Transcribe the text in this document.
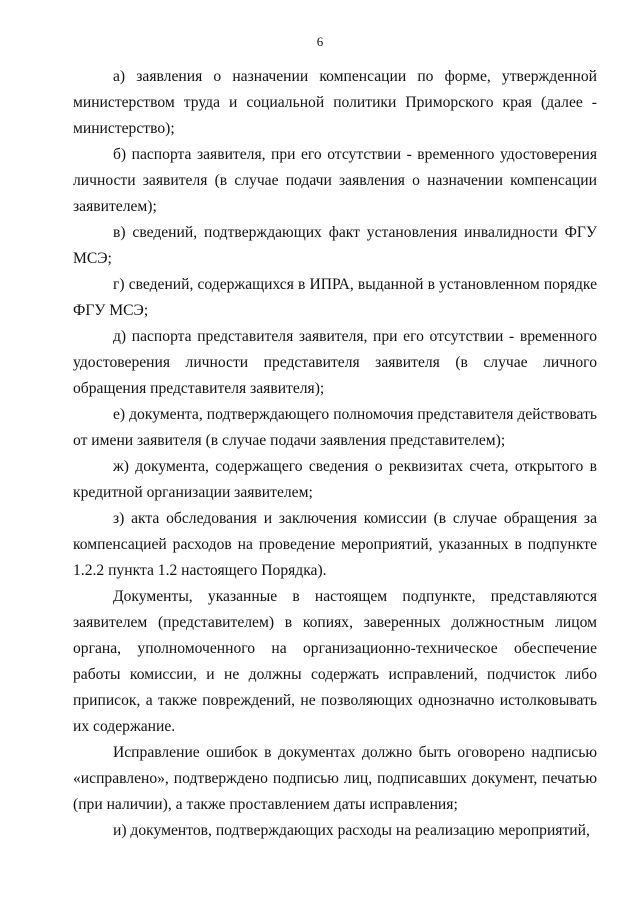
6

а) заявления о назначении компенсации по форме, утвержденной министерством труда и социальной политики Приморского края (далее - министерство);

б) паспорта заявителя, при его отсутствии - временного удостоверения личности заявителя (в случае подачи заявления о назначении компенсации заявителем);

в) сведений, подтверждающих факт установления инвалидности ФГУ МСЭ;

г) сведений, содержащихся в ИПРА, выданной в установленном порядке ФГУ МСЭ;

д) паспорта представителя заявителя, при его отсутствии - временного удостоверения личности представителя заявителя (в случае личного обращения представителя заявителя);

е) документа, подтверждающего полномочия представителя действовать от имени заявителя (в случае подачи заявления представителем);

ж) документа, содержащего сведения о реквизитах счета, открытого в кредитной организации заявителем;

з) акта обследования и заключения комиссии (в случае обращения за компенсацией расходов на проведение мероприятий, указанных в подпункте 1.2.2 пункта 1.2 настоящего Порядка).

Документы, указанные в настоящем подпункте, представляются заявителем (представителем) в копиях, заверенных должностным лицом органа, уполномоченного на организационно-техническое обеспечение работы комиссии, и не должны содержать исправлений, подчисток либо приписок, а также повреждений, не позволяющих однозначно истолковывать их содержание.

Исправление ошибок в документах должно быть оговорено надписью «исправлено», подтверждено подписью лиц, подписавших документ, печатью (при наличии), а также проставлением даты исправления;

и) документов, подтверждающих расходы на реализацию мероприятий,
